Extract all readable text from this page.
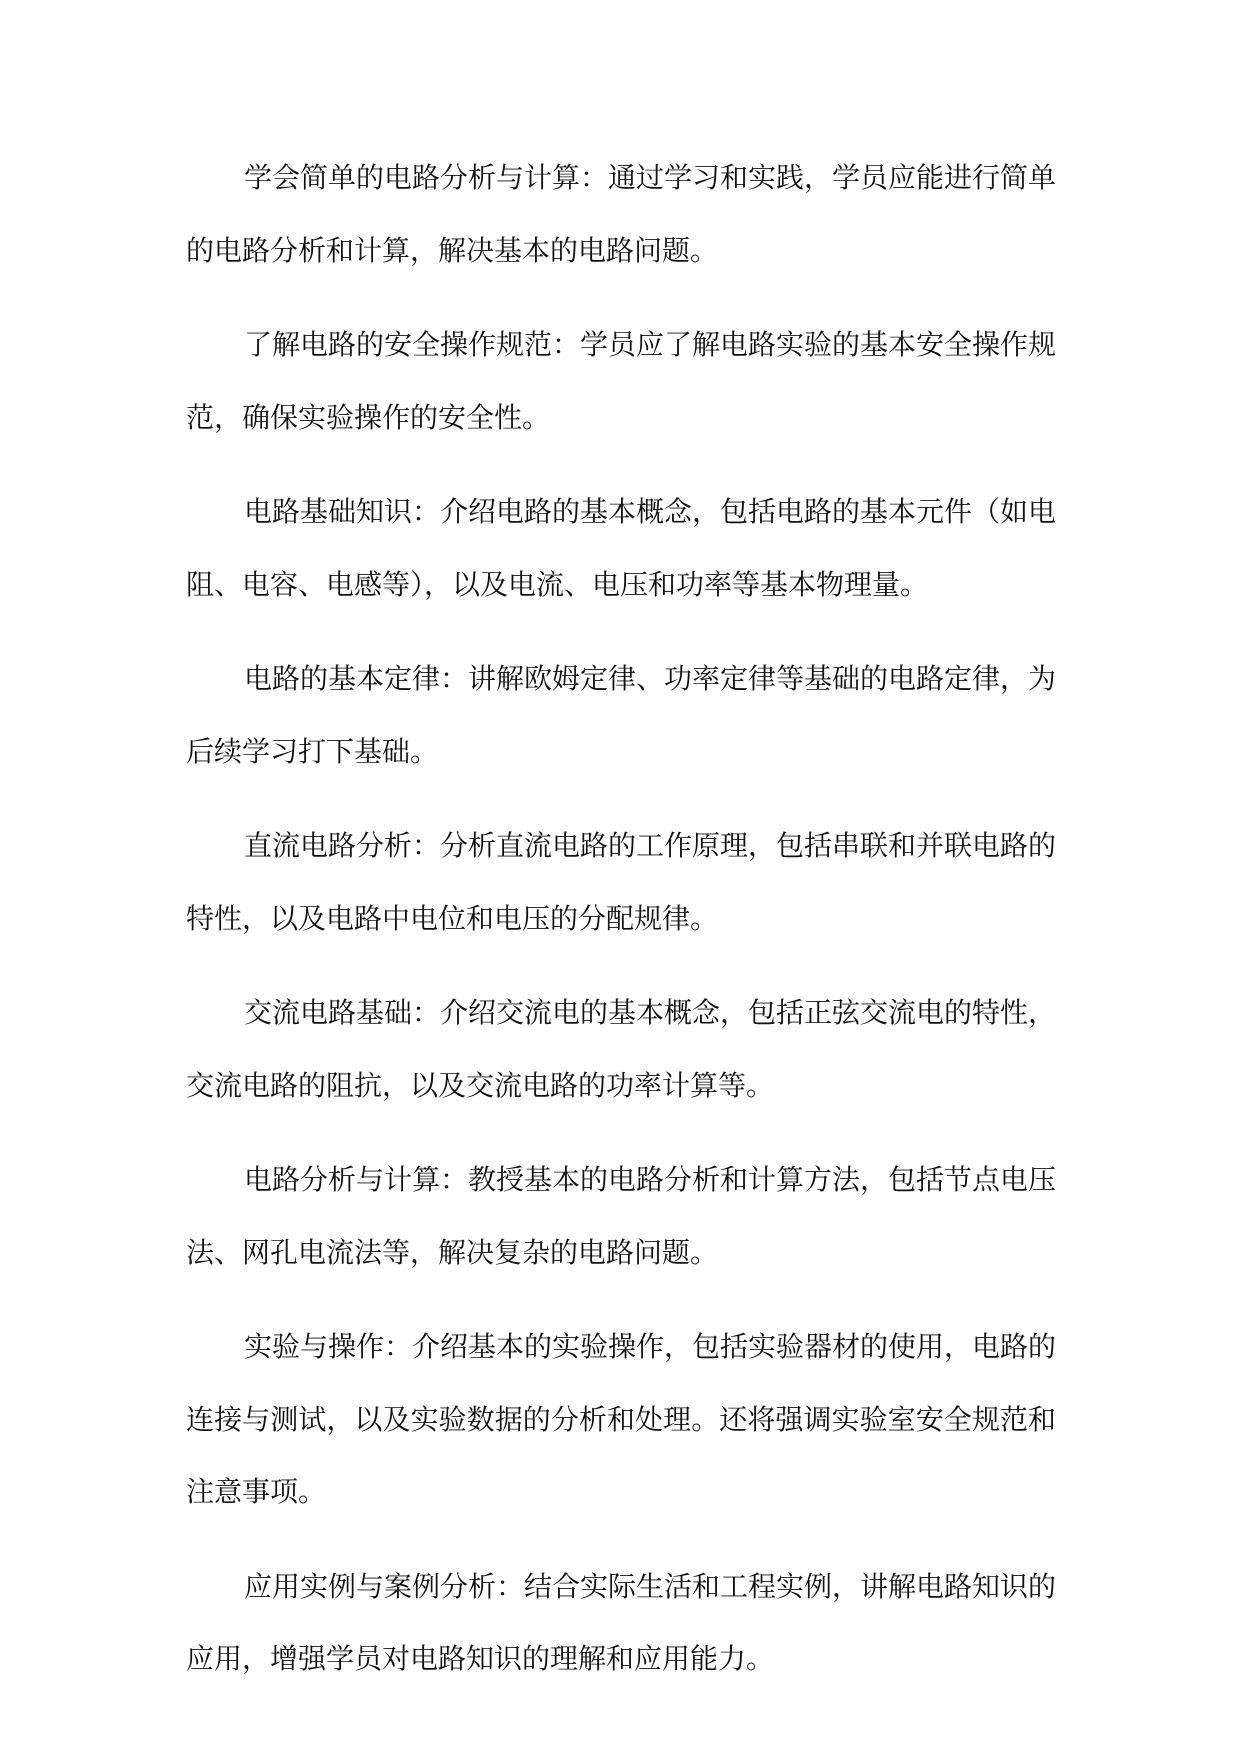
学会简单的电路分析与计算：通过学习和实践，学员应能进行简单的电路分析和计算，解决基本的电路问题。

了解电路的安全操作规范：学员应了解电路实验的基本安全操作规范，确保实验操作的安全性。

电路基础知识：介绍电路的基本概念，包括电路的基本元件（如电阻、电容、电感等），以及电流、电压和功率等基本物理量。

电路的基本定律：讲解欧姆定律、功率定律等基础的电路定律，为后续学习打下基础。

直流电路分析：分析直流电路的工作原理，包括串联和并联电路的特性，以及电路中电位和电压的分配规律。

交流电路基础：介绍交流电的基本概念，包括正弦交流电的特性，交流电路的阻抗，以及交流电路的功率计算等。

电路分析与计算：教授基本的电路分析和计算方法，包括节点电压法、网孔电流法等，解决复杂的电路问题。

实验与操作：介绍基本的实验操作，包括实验器材的使用，电路的连接与测试，以及实验数据的分析和处理。还将强调实验室安全规范和注意事项。

应用实例与案例分析：结合实际生活和工程实例，讲解电路知识的应用，增强学员对电路知识的理解和应用能力。
